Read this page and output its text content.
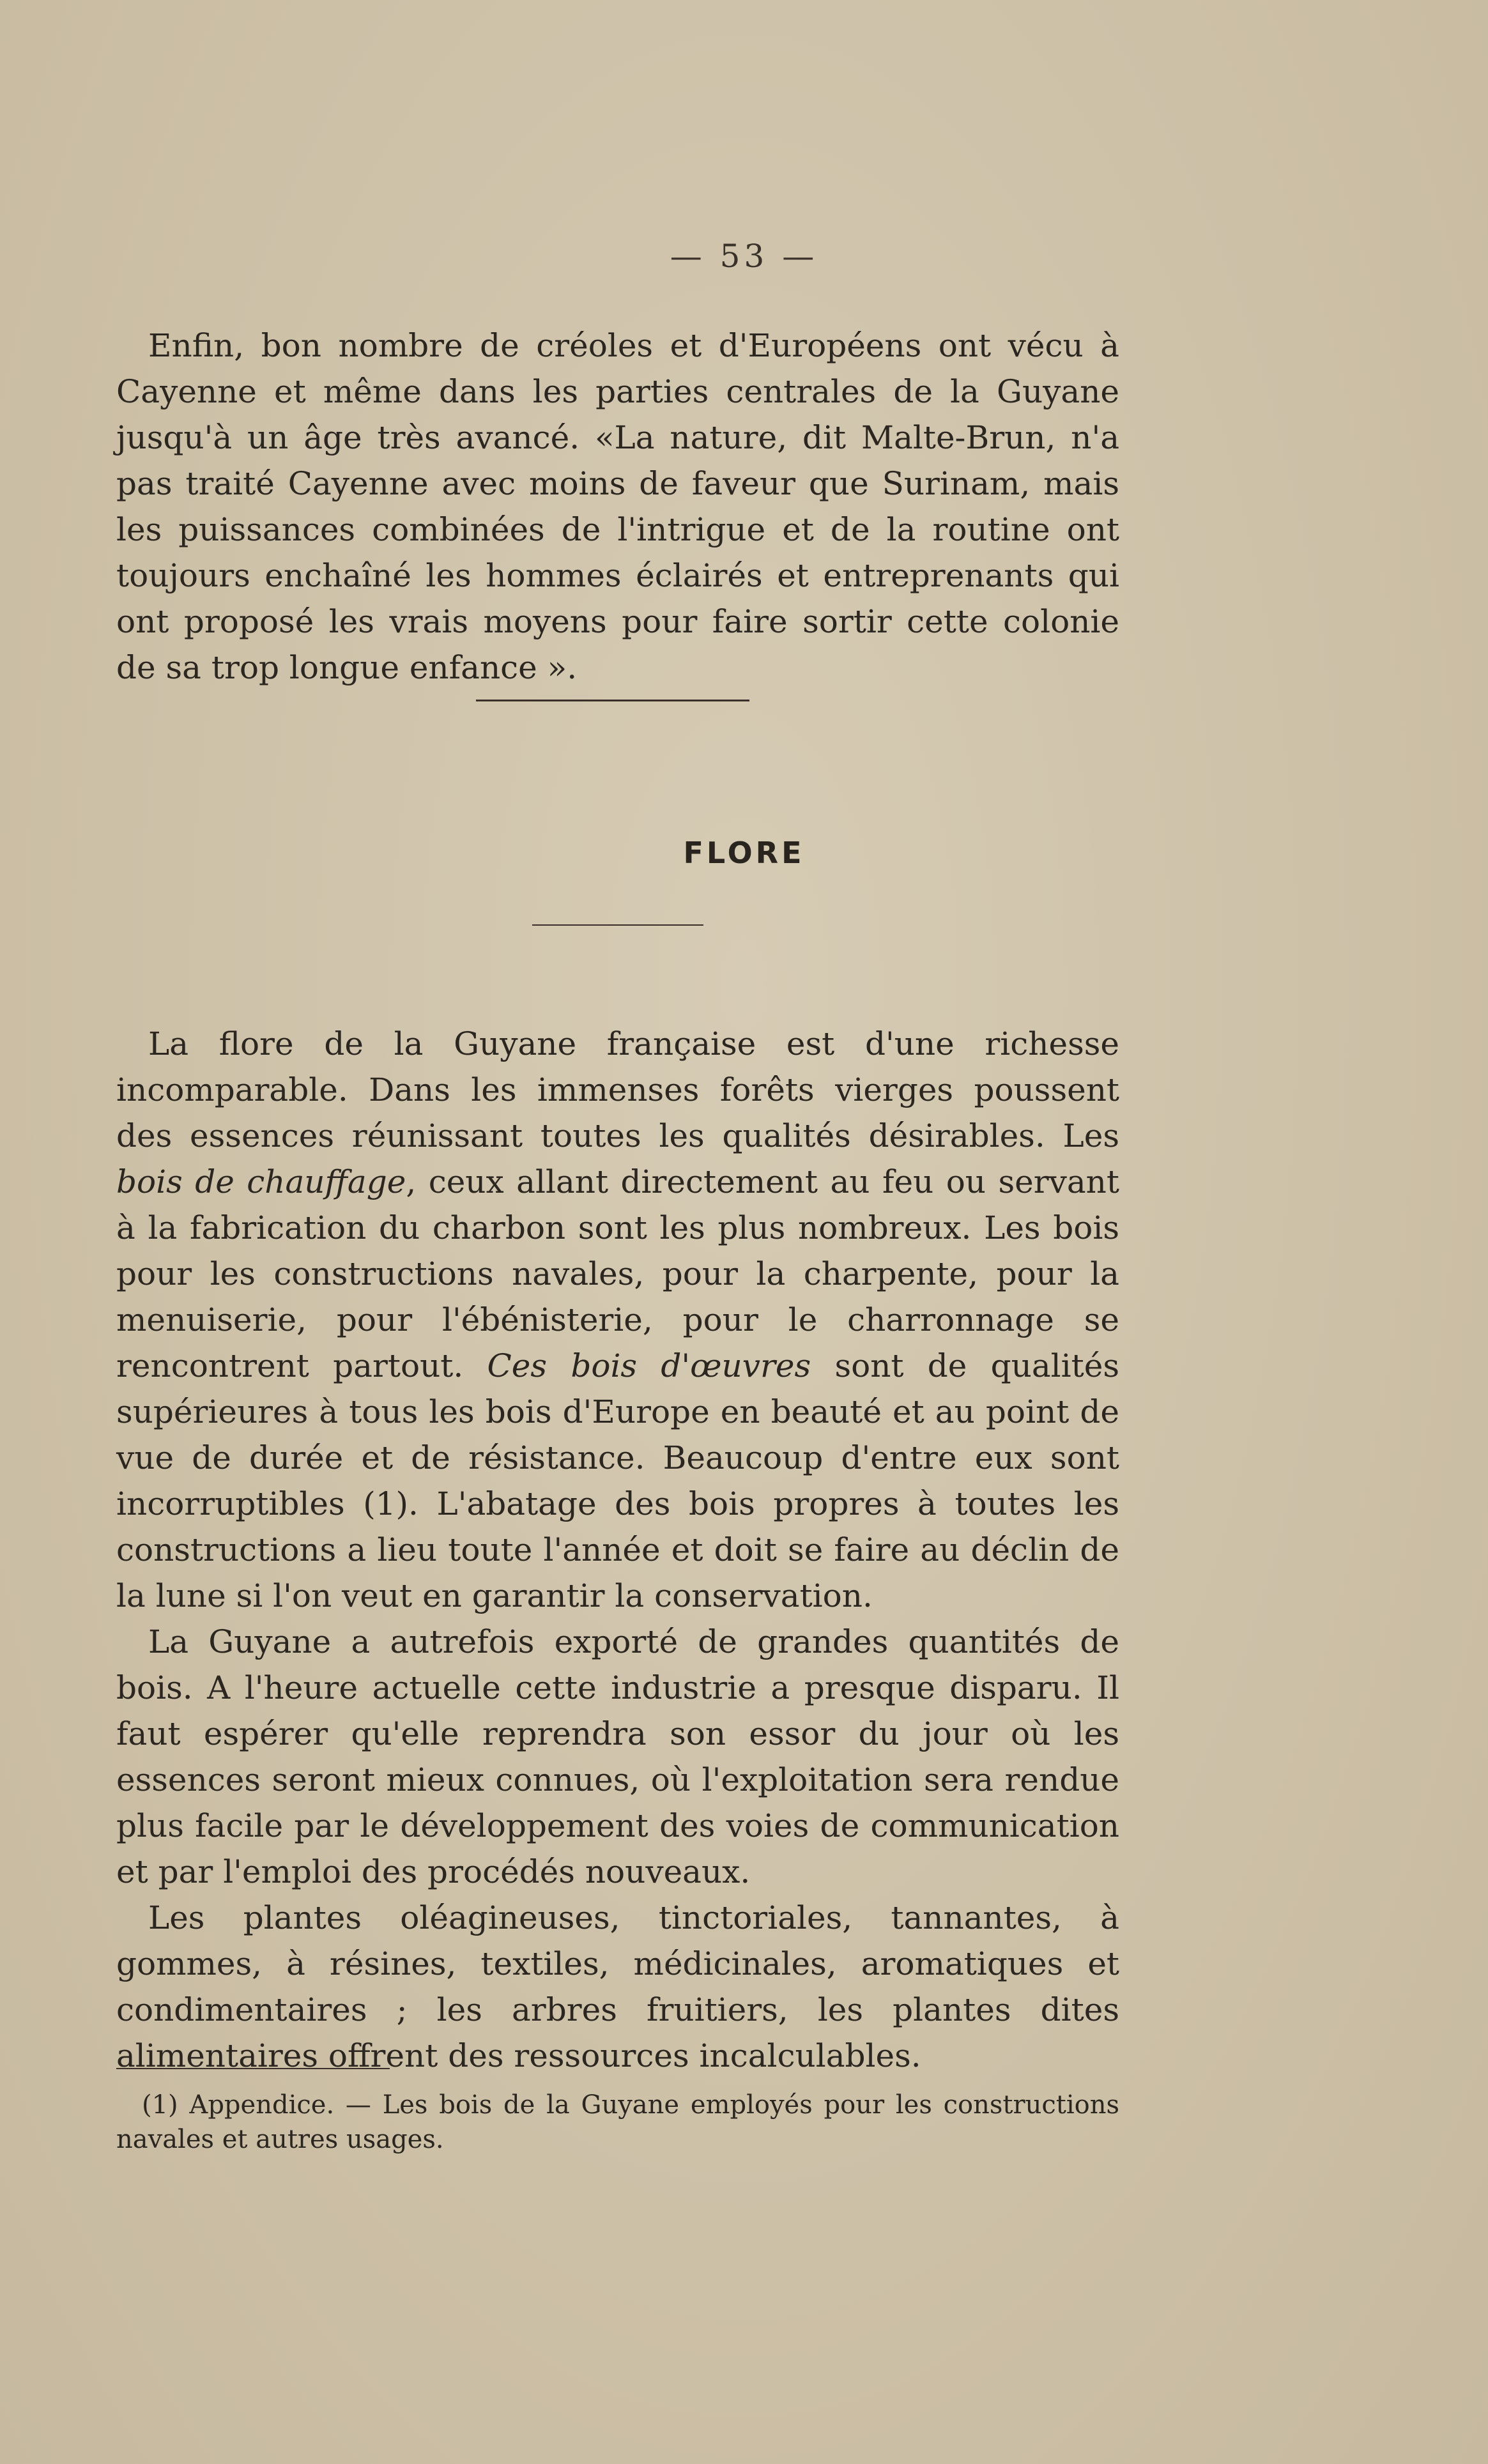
— 53 —

Enfin, bon nombre de créoles et d'Européens ont vécu à Cayenne et même dans les parties centrales de la Guyane jusqu'à un âge très avancé. «La nature, dit Malte-Brun, n'a pas traité Cayenne avec moins de faveur que Surinam, mais les puissances combinées de l'intrigue et de la routine ont toujours enchaîné les hommes éclairés et entreprenants qui ont proposé les vrais moyens pour faire sortir cette colonie de sa trop longue enfance ».

FLORE

La flore de la Guyane française est d'une richesse incomparable. Dans les immenses forêts vierges poussent des essences réunissant toutes les qualités désirables. Les bois de chauffage, ceux allant directement au feu ou servant à la fabrication du charbon sont les plus nombreux. Les bois pour les constructions navales, pour la charpente, pour la menuiserie, pour l'ébénisterie, pour le charronnage se rencontrent partout. Ces bois d'œuvres sont de qualités supérieures à tous les bois d'Europe en beauté et au point de vue de durée et de résistance. Beaucoup d'entre eux sont incorruptibles (1). L'abatage des bois propres à toutes les constructions a lieu toute l'année et doit se faire au déclin de la lune si l'on veut en garantir la conservation.

La Guyane a autrefois exporté de grandes quantités de bois. A l'heure actuelle cette industrie a presque disparu. Il faut espérer qu'elle reprendra son essor du jour où les essences seront mieux connues, où l'exploitation sera rendue plus facile par le développement des voies de communication et par l'emploi des procédés nouveaux.

Les plantes oléagineuses, tinctoriales, tannantes, à gommes, à résines, textiles, médicinales, aromatiques et condimentaires ; les arbres fruitiers, les plantes dites alimentaires offrent des ressources incalculables.

(1) Appendice. — Les bois de la Guyane employés pour les constructions navales et autres usages.
